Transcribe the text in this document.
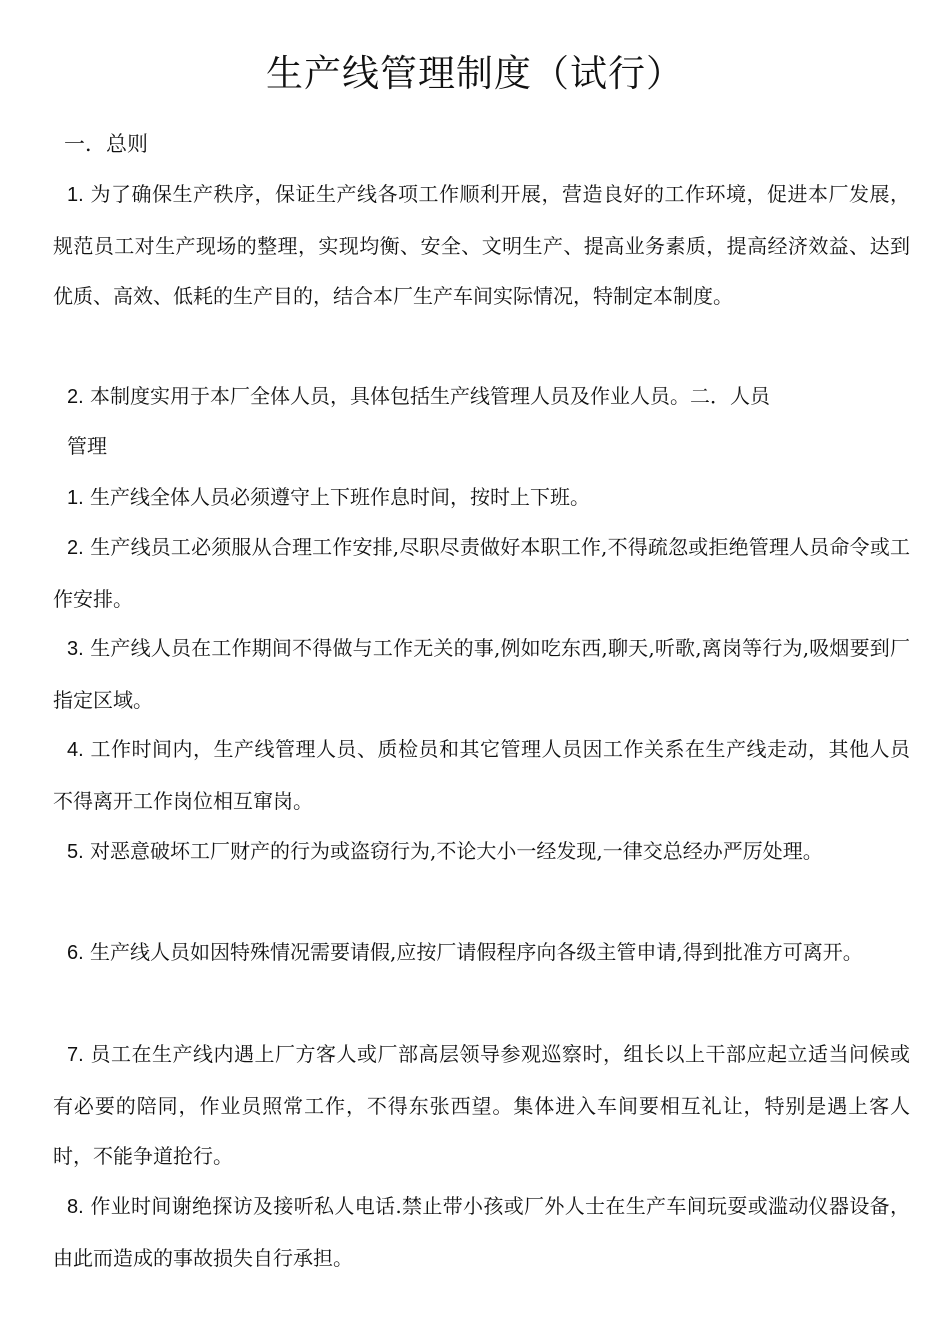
生产线管理制度（试行）

一．总则

1. 为了确保生产秩序，保证生产线各项工作顺利开展，营造良好的工作环境，促进本厂发展，规范员工对生产现场的整理，实现均衡、安全、文明生产、提高业务素质，提高经济效益、达到优质、高效、低耗的生产目的，结合本厂生产车间实际情况，特制定本制度。

2. 本制度实用于本厂全体人员，具体包括生产线管理人员及作业人员。二．人员

管理

1. 生产线全体人员必须遵守上下班作息时间，按时上下班。

2. 生产线员工必须服从合理工作安排,尽职尽责做好本职工作,不得疏忽或拒绝管理人员命令或工作安排。

3. 生产线人员在工作期间不得做与工作无关的事,例如吃东西,聊天,听歌,离岗等行为,吸烟要到厂指定区域。

4. 工作时间内，生产线管理人员、质检员和其它管理人员因工作关系在生产线走动，其他人员不得离开工作岗位相互窜岗。

5. 对恶意破坏工厂财产的行为或盗窃行为,不论大小一经发现,一律交总经办严厉处理。

6. 生产线人员如因特殊情况需要请假,应按厂请假程序向各级主管申请,得到批准方可离开。

7. 员工在生产线内遇上厂方客人或厂部高层领导参观巡察时，组长以上干部应起立适当问候或有必要的陪同，作业员照常工作，不得东张西望。集体进入车间要相互礼让，特别是遇上客人时，不能争道抢行。

8. 作业时间谢绝探访及接听私人电话.禁止带小孩或厂外人士在生产车间玩耍或滥动仪器设备，由此而造成的事故损失自行承担。
